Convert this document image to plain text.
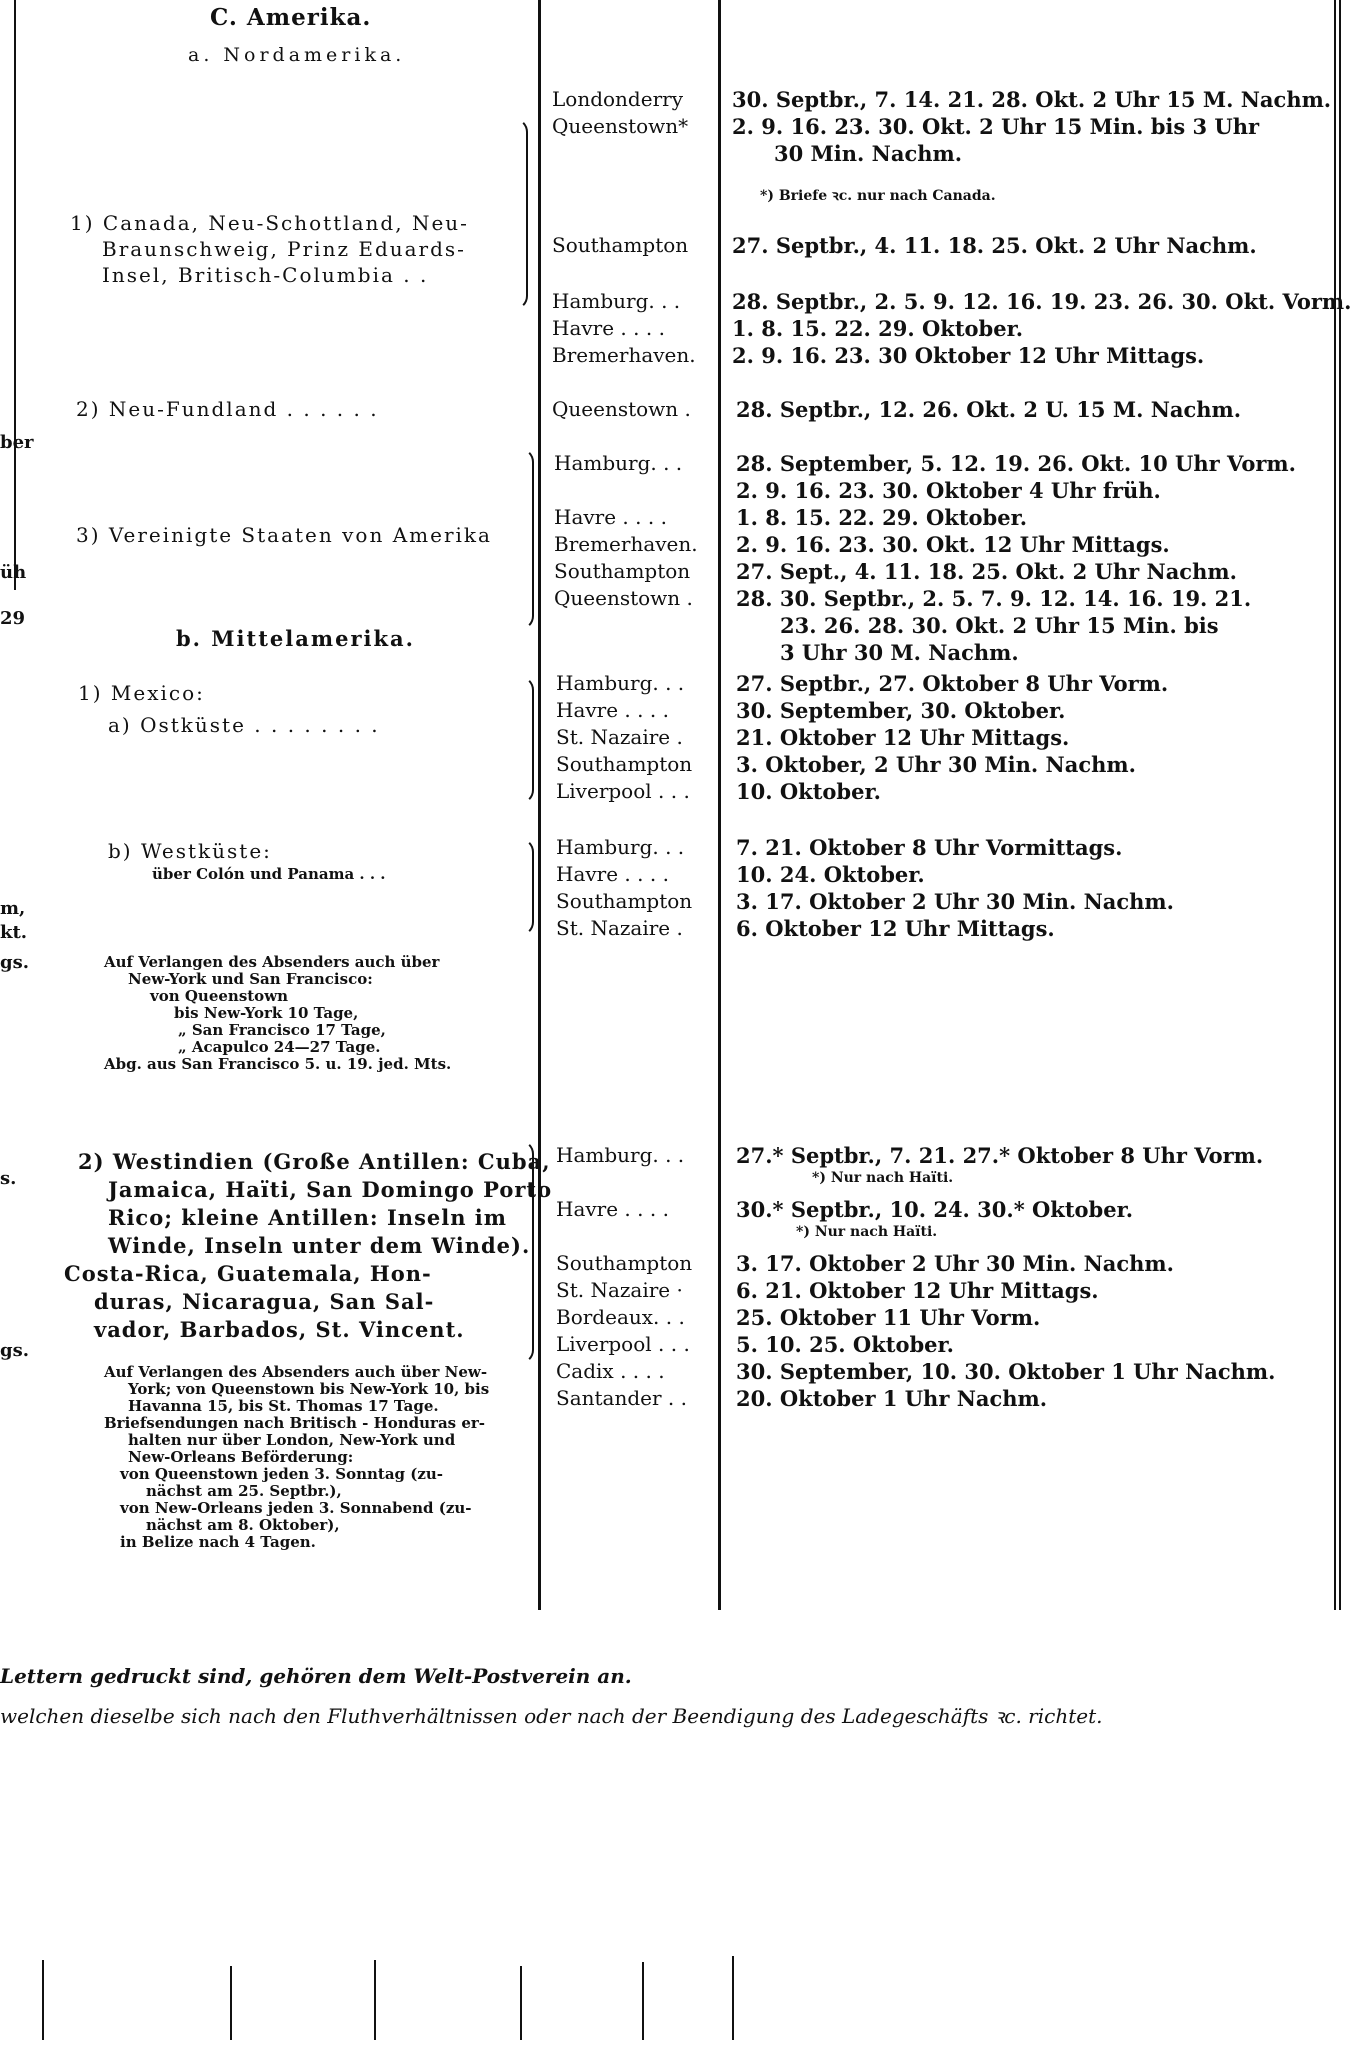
ber
üh
29
m,
kt.
gs.
s.
gs.
C. Amerika.
a. Nordamerika.
1) Canada, Neu-Schottland, Neu-
Braunschweig, Prinz Eduards-
Insel, Britisch-Columbia . .
Londonderry
Queenstown*
Southampton
Hamburg. . .
Havre . . . .
Bremerhaven.
30. Septbr., 7. 14. 21. 28. Okt. 2 Uhr 15 M. Nachm.
2. 9. 16. 23. 30. Okt. 2 Uhr 15 Min. bis 3 Uhr
30 Min. Nachm.
*) Briefe ꝛc. nur nach Canada.
27. Septbr., 4. 11. 18. 25. Okt. 2 Uhr Nachm.
28. Septbr., 2. 5. 9. 12. 16. 19. 23. 26. 30. Okt. Vorm.
1. 8. 15. 22. 29. Oktober.
2. 9. 16. 23. 30 Oktober 12 Uhr Mittags.
2) Neu-Fundland . . . . . .	Queenstown . 28. Septbr., 12. 26. Okt. 2 U. 15 M. Nachm.
3) Vereinigte Staaten von Amerika
Hamburg. . .
Havre . . . .
Bremerhaven.
Southampton
Queenstown .
28. September, 5. 12. 19. 26. Okt. 10 Uhr Vorm.
2. 9. 16. 23. 30. Oktober 4 Uhr früh.
1. 8. 15. 22. 29. Oktober.
2. 9. 16. 23. 30. Okt. 12 Uhr Mittags.
27. Sept., 4. 11. 18. 25. Okt. 2 Uhr Nachm.
28. 30. Septbr., 2. 5. 7. 9. 12. 14. 16. 19. 21.
23. 26. 28. 30. Okt. 2 Uhr 15 Min. bis
3 Uhr 30 M. Nachm.
b. Mittelamerika.
1) Mexico:
a) Ostküste . . . . . . . .
Hamburg. . .
Havre . . . .
St. Nazaire .
Southampton
Liverpool . . .
27. Septbr., 27. Oktober 8 Uhr Vorm.
30. September, 30. Oktober.
21. Oktober 12 Uhr Mittags.
3. Oktober, 2 Uhr 30 Min. Nachm.
10. Oktober.
b) Westküste:
über Colón und Panama . . .
Hamburg. . .
Havre . . . .
Southampton
St. Nazaire .
7. 21. Oktober 8 Uhr Vormittags.
10. 24. Oktober.
3. 17. Oktober 2 Uhr 30 Min. Nachm.
6. Oktober 12 Uhr Mittags.
Auf Verlangen des Absenders auch über
New-York und San Francisco:
von Queenstown
bis New-York 10 Tage,
„ San Francisco 17 Tage,
„ Acapulco 24—27 Tage.
Abg. aus San Francisco 5. u. 19. jed. Mts.
2) Westindien (Große Antillen: Cuba,
Jamaica, Haïti, San Domingo Porto
Rico; kleine Antillen: Inseln im
Winde, Inseln unter dem Winde).
Costa-Rica, Guatemala, Hon-
duras, Nicaragua, San Sal-
vador, Barbados, St. Vincent.
Auf Verlangen des Absenders auch über New-
York; von Queenstown bis New-York 10, bis
Havanna 15, bis St. Thomas 17 Tage.
Briefsendungen nach Britisch - Honduras er-
halten nur über London, New-York und
New-Orleans Beförderung:
von Queenstown jeden 3. Sonntag (zu-
nächst am 25. Septbr.),
von New-Orleans jeden 3. Sonnabend (zu-
nächst am 8. Oktober),
in Belize nach 4 Tagen.
Hamburg. . .
Havre . . . .
Southampton
St. Nazaire ·
Bordeaux. . .
Liverpool . . .
Cadix . . . .
Santander . .
27.* Septbr., 7. 21. 27.* Oktober 8 Uhr Vorm.
*) Nur nach Haïti.
30.* Septbr., 10. 24. 30.* Oktober.
*) Nur nach Haïti.
3. 17. Oktober 2 Uhr 30 Min. Nachm.
6. 21. Oktober 12 Uhr Mittags.
25. Oktober 11 Uhr Vorm.
5. 10. 25. Oktober.
30. September, 10. 30. Oktober 1 Uhr Nachm.
20. Oktober 1 Uhr Nachm.
Lettern gedruckt sind, gehören dem Welt-Postverein an.
welchen dieselbe sich nach den Fluthverhältnissen oder nach der Beendigung des Ladegeschäfts ꝛc. richtet.
